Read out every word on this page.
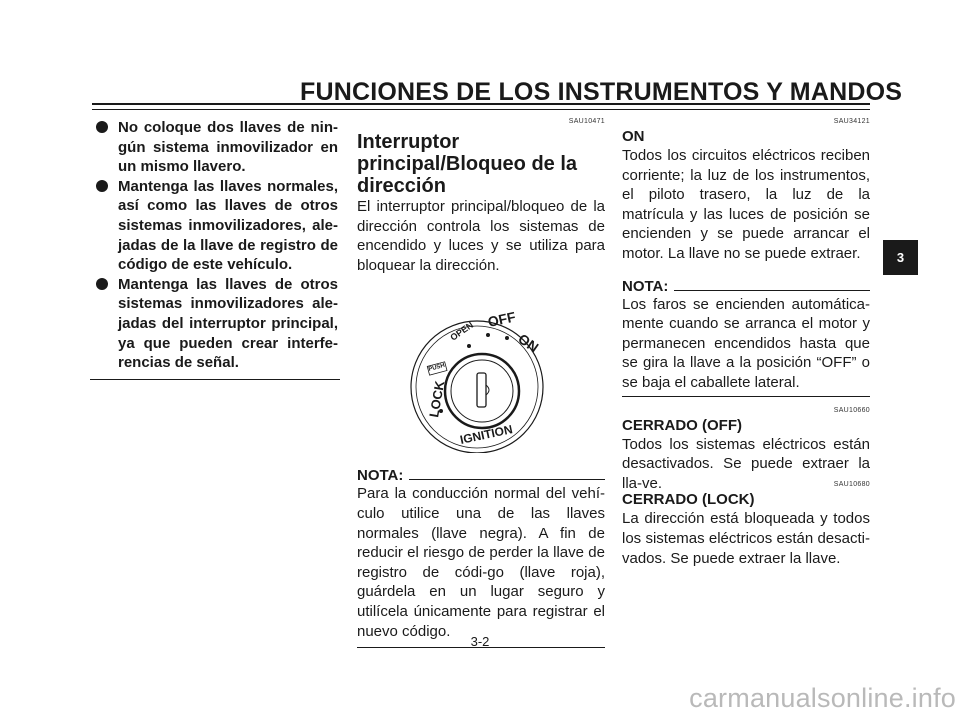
FUNCIONES DE LOS INSTRUMENTOS Y MANDOS
No coloque dos llaves de nin-gún sistema inmovilizador en un mismo llavero.
Mantenga las llaves normales, así como las llaves de otros sistemas inmovilizadores, ale-jadas de la llave de registro de código de este vehículo.
Mantenga las llaves de otros sistemas inmovilizadores ale-jadas del interruptor principal, ya que pueden crear interfe-rencias de señal.
SAU10471
Interruptor principal/Bloqueo de la dirección

El interruptor principal/bloqueo de la dirección controla los sistemas de encendido y luces y se utiliza para bloquear la dirección.

OPEN
OFF
ON
LOCK
PUSH
IGNITION
NOTA:

Para la conducción normal del vehí-culo utilice una de las llaves normales (llave negra). A fin de reducir el riesgo de perder la llave de registro de códi-go (llave roja), guárdela en un lugar seguro y utilícela únicamente para registrar el nuevo código.

SAU34121
ON

Todos los circuitos eléctricos reciben corriente; la luz de los instrumentos, el piloto trasero, la luz de la matrícula y las luces de posición se encienden y se puede arrancar el motor. La llave no se puede extraer.

NOTA:

Los faros se encienden automática-mente cuando se arranca el motor y permanecen encendidos hasta que se gira la llave a la posición “OFF” o se baja el caballete lateral.

SAU10660
CERRADO (OFF)

Todos los sistemas eléctricos están desactivados. Se puede extraer la lla-ve.	SAU10680
CERRADO (LOCK)

La dirección está bloqueada y todos los sistemas eléctricos están desacti-vados. Se puede extraer la llave.

3
3-2
carmanualsonline.info
